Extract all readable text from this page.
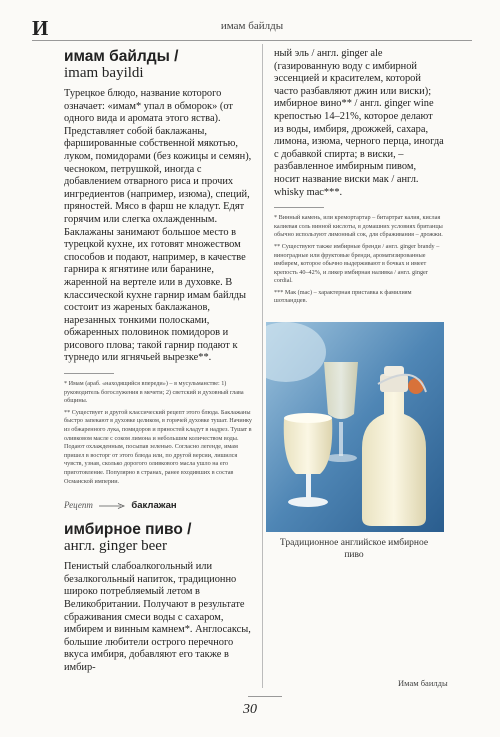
И	имам байлды

имам байлды /

imam bayildi

Турецкое блюдо, название которого означает: «имам* упал в обморок» (от одного вида и аромата этого яства). Представляет собой баклажаны, фаршированные собственной мякотью, луком, помидорами (без кожицы и семян), чесноком, петрушкой, иногда с добавлением отварного риса и прочих ингредиентов (например, изюма), специй, пряностей. Мясо в фарш не кладут. Едят горячим или слегка охлажденным. Баклажаны занимают большое место в турецкой кухне, их готовят множеством способов и подают, например, в качестве гарнира к ягнятине или баранине, жаренной на вертеле или в духовке. В классической кухне гарнир имам байлды состоит из жареных баклажанов, нарезанных тонкими полосками, обжаренных половинок помидоров и рисового плова; такой гарнир подают к турнедо или ягнячьей вырезке**.

* Имам (араб. «находящийся впереди») – в мусульманстве: 1) руководитель богослужения в мечети; 2) светский и духовный глава общины.

** Существует и другой классический рецепт этого блюда. Баклажаны быстро запекают в духовке целиком, в горячей духовке тушат. Начинку из обжаренного лука, помидоров и пряностей кладут в надрез. Тушат в оливковом масле с соком лимона и небольшим количеством воды. Подают охлажденным, посыпав зеленью. Согласно легенде, имам пришел в восторг от этого блюда или, по другой версии, лишился чувств, узнав, сколько дорогого оливкового масла ушло на его приготовление. Популярно в странах, ранее входивших в состав Османской империи.

Рецепт	баклажан

имбирное пиво /

англ. ginger beer

Пенистый слабоалкогольный или безалкогольный напиток, традиционно широко потребляемый летом в Великобритании. Получают в результате сбраживания смеси воды с сахаром, имбирем и винным камнем*. Англосаксы, большие любители острого перечного вкуса имбиря, добавляют его также в имбир-

ный эль / англ. ginger ale (газированную воду с имбирной эссенцией и красителем, которой часто разбавляют джин или виски); имбирное вино** / англ. ginger wine крепостью 14–21%, которое делают из воды, имбиря, дрожжей, сахара, лимона, изюма, черного перца, иногда с добавкой спирта; в виски, – разбавленное имбирным пивом, носит название виски мак / англ. whisky mac***.

* Винный камень, или кремортартар – битартрат калия, кислая калиевая соль винной кислоты, в домашних условиях британцы обычно используют лимонный сок, для сбраживания – дрожжи.

** Существуют также имбирные бренди / англ. ginger brandy – виноградные или фруктовые бренди, ароматизированные имбирем, которое обычно выдерживают в бочках и имеет крепость 40–42%, и ликер имбирная наливка / англ. ginger cordial.

*** Мак (mac) – характерная приставка к фамилиям шотландцев.

Традиционное английское имбирное пиво
Имам баилды
30
